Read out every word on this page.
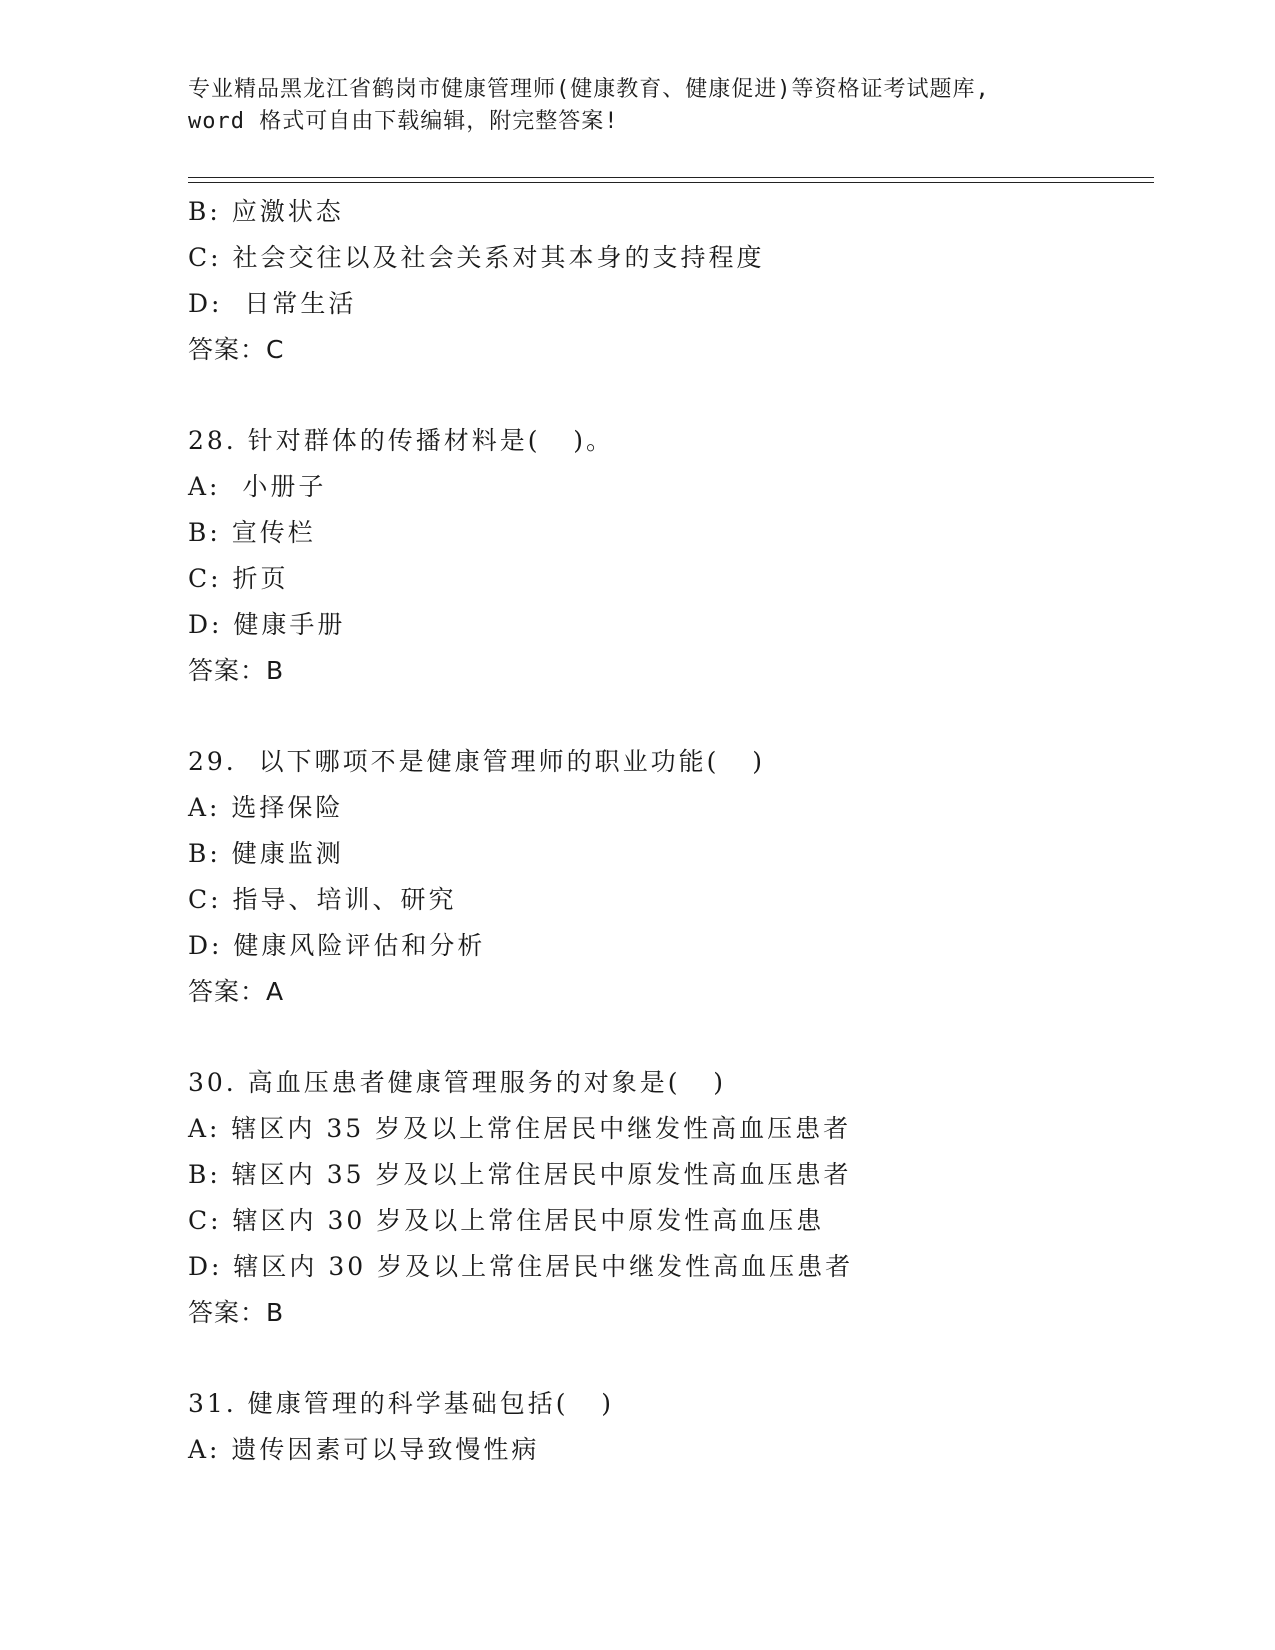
专业精品黑龙江省鹤岗市健康管理师(健康教育、健康促进)等资格证考试题库,
word 格式可自由下载编辑，附完整答案!
B: 应激状态
C: 社会交往以及社会关系对其本身的支持程度
D:  日常生活
答案：C
28. 针对群体的传播材料是(   )。
A:  小册子
B: 宣传栏
C: 折页
D: 健康手册
答案：B
29.  以下哪项不是健康管理师的职业功能(   )
A: 选择保险
B: 健康监测
C: 指导、培训、研究
D: 健康风险评估和分析
答案：A
30. 高血压患者健康管理服务的对象是(   )
A: 辖区内 35 岁及以上常住居民中继发性高血压患者
B: 辖区内 35 岁及以上常住居民中原发性高血压患者
C: 辖区内 30 岁及以上常住居民中原发性高血压患
D: 辖区内 30 岁及以上常住居民中继发性高血压患者
答案：B
31. 健康管理的科学基础包括(   )
A: 遗传因素可以导致慢性病
